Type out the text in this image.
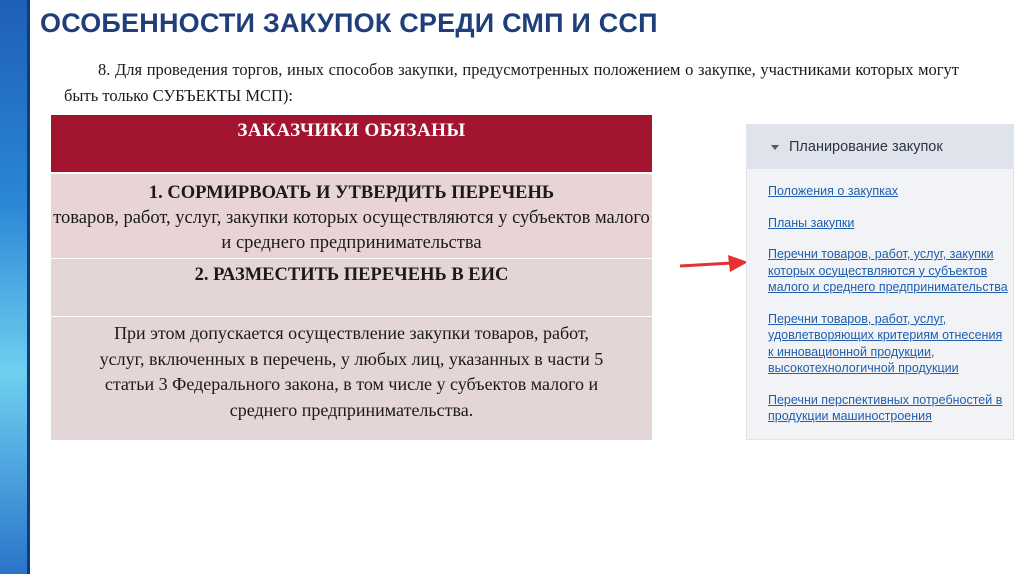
ОСОБЕННОСТИ ЗАКУПОК СРЕДИ СМП И ССП
8. Для проведения торгов, иных способов закупки, предусмотренных положением о закупке, участниками которых могут быть только СУБЪЕКТЫ МСП):
ЗАКАЗЧИКИ ОБЯЗАНЫ
1. СОРМИРВОАТЬ И УТВЕРДИТЬ ПЕРЕЧЕНЬ
товаров, работ, услуг, закупки которых осуществляются у субъектов малого и среднего предпринимательства
2. РАЗМЕСТИТЬ ПЕРЕЧЕНЬ В ЕИС
При этом допускается осуществление закупки товаров, работ, услуг, включенных в перечень, у любых лиц, указанных в части 5 статьи 3 Федерального закона, в том числе у субъектов малого и среднего предпринимательства.
Планирование закупок
Положения о закупках
Планы закупки
Перечни товаров, работ, услуг, закупки которых осуществляются у субъектов малого и среднего предпринимательства
Перечни товаров, работ, услуг, удовлетворяющих критериям отнесения к инновационной продукции, высокотехнологичной продукции
Перечни перспективных потребностей в продукции машиностроения
